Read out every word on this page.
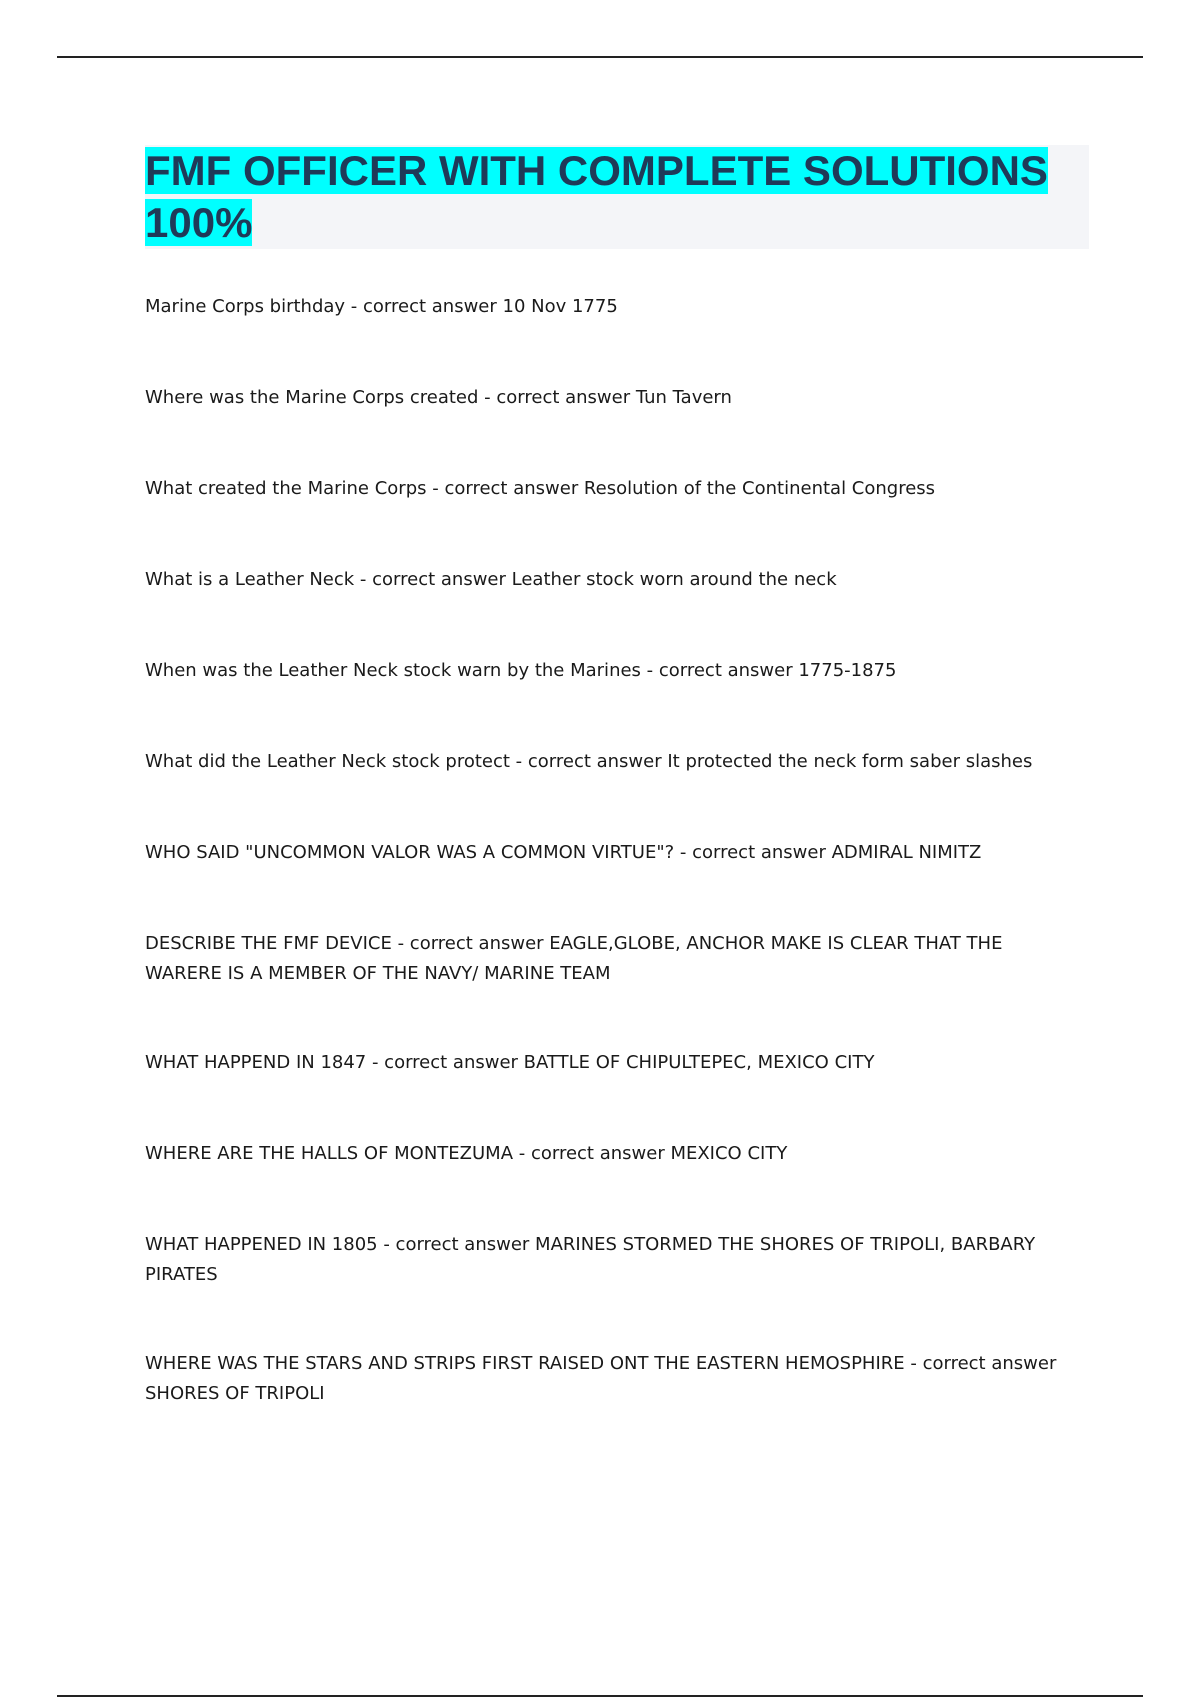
FMF OFFICER WITH COMPLETE SOLUTIONS 100%
Marine Corps birthday - correct answer 10 Nov 1775
Where was the Marine Corps created - correct answer Tun Tavern
What created the Marine Corps - correct answer Resolution of the Continental Congress
What is a Leather Neck - correct answer Leather stock worn around the neck
When was the Leather Neck stock warn by the Marines - correct answer 1775-1875
What did the Leather Neck stock protect - correct answer It protected the neck form saber slashes
WHO SAID "UNCOMMON VALOR WAS A COMMON VIRTUE"? - correct answer ADMIRAL NIMITZ
DESCRIBE THE FMF DEVICE - correct answer EAGLE,GLOBE, ANCHOR MAKE IS CLEAR THAT THE WARERE IS A MEMBER OF THE NAVY/ MARINE TEAM
WHAT HAPPEND IN 1847 - correct answer BATTLE OF CHIPULTEPEC, MEXICO CITY
WHERE ARE THE HALLS OF MONTEZUMA - correct answer MEXICO CITY
WHAT HAPPENED IN 1805 - correct answer MARINES STORMED THE SHORES OF TRIPOLI, BARBARY PIRATES
WHERE WAS THE STARS AND STRIPS FIRST RAISED ONT THE EASTERN HEMOSPHIRE - correct answer SHORES OF TRIPOLI
